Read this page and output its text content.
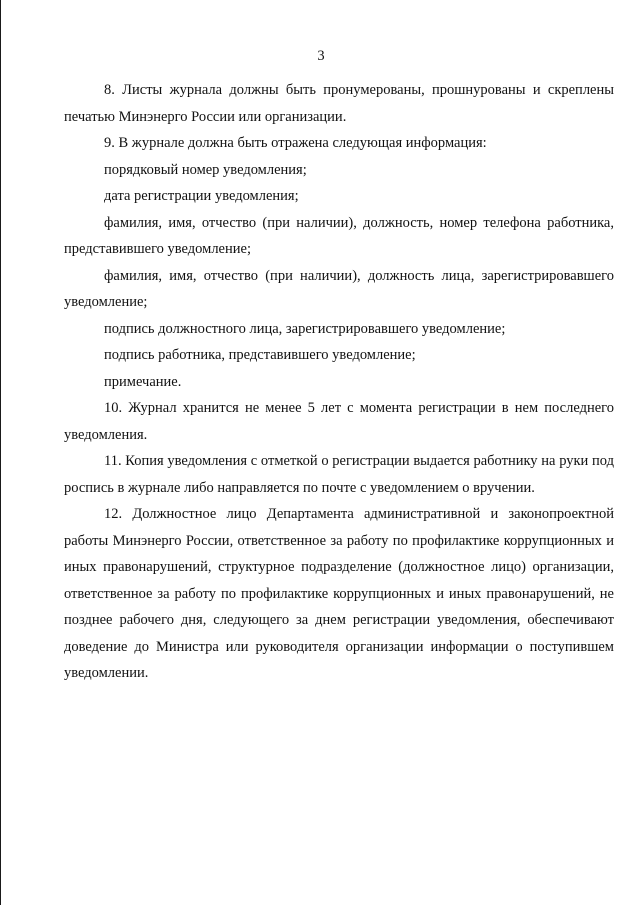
3

8. Листы журнала должны быть пронумерованы, прошнурованы и скреплены печатью Минэнерго России или организации.

9. В журнале должна быть отражена следующая информация:

порядковый номер уведомления;

дата регистрации уведомления;

фамилия, имя, отчество (при наличии), должность, номер телефона работника, представившего уведомление;

фамилия, имя, отчество (при наличии), должность лица, зарегистрировавшего уведомление;

подпись должностного лица, зарегистрировавшего уведомление;

подпись работника, представившего уведомление;

примечание.

10. Журнал хранится не менее 5 лет с момента регистрации в нем последнего уведомления.

11. Копия уведомления с отметкой о регистрации выдается работнику на руки под роспись в журнале либо направляется по почте с уведомлением о вручении.

12. Должностное лицо Департамента административной и законопроектной работы Минэнерго России, ответственное за работу по профилактике коррупционных и иных правонарушений, структурное подразделение (должностное лицо) организации, ответственное за работу по профилактике коррупционных и иных правонарушений, не позднее рабочего дня, следующего за днем регистрации уведомления, обеспечивают доведение до Министра или руководителя организации информации о поступившем уведомлении.
